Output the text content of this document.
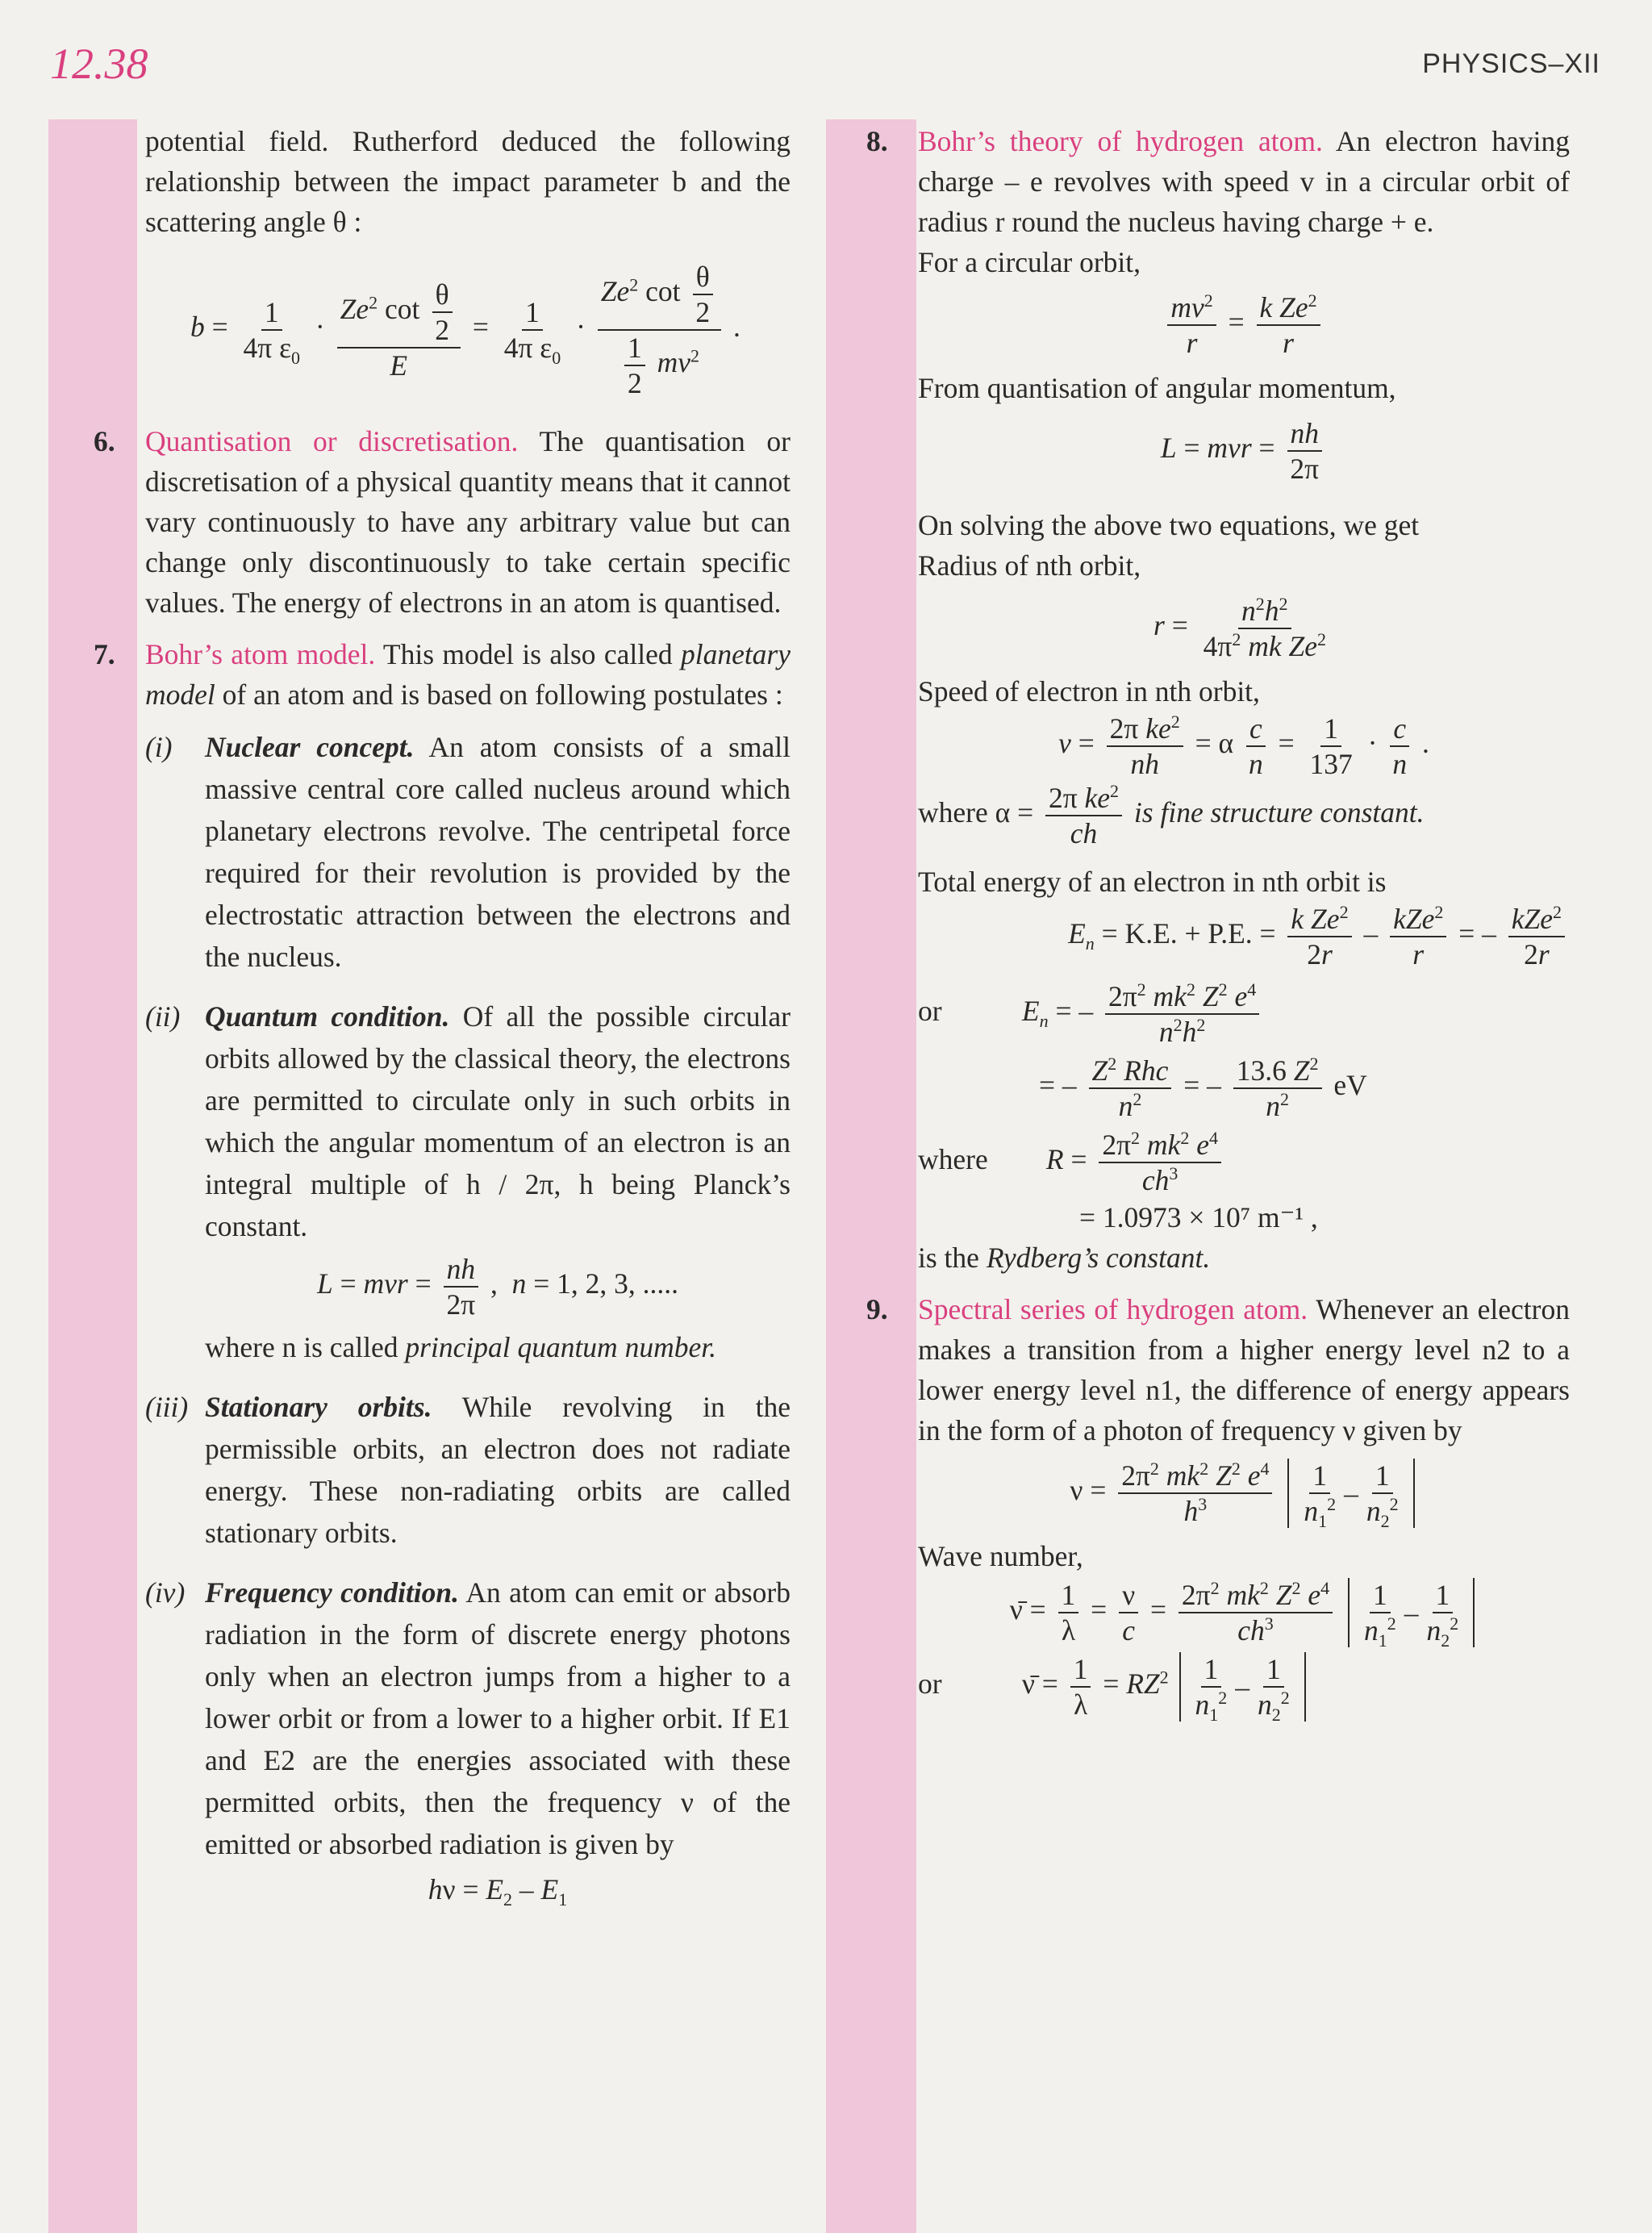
12.38	PHYSICS–XII

potential field. Rutherford deduced the following relationship between the impact parameter b and the scattering angle θ :

$b = \frac{1}{4\pi \varepsilon_0} \cdot \frac{Ze^2 \cot \frac{\theta}{2}}{E} = \frac{1}{4\pi \varepsilon_0} \cdot \frac{Ze^2 \cot \frac{\theta}{2}}{\frac{1}{2} mv^2}$ .
6. Quantisation or discretisation. The quantisation or discretisation of a physical quantity means that it cannot vary continuously to have any arbitrary value but can change only discontinuously to take certain specific values. The energy of electrons in an atom is quantised.

7. Bohr’s atom model. This model is also called planetary model of an atom and is based on following postulates :

(i) Nuclear concept. An atom consists of a small massive central core called nucleus around which planetary electrons revolve. The centripetal force required for their revolution is provided by the electrostatic attraction between the electrons and the nucleus.

(ii) Quantum condition. Of all the possible circular orbits allowed by the classical theory, the electrons are permitted to circulate only in such orbits in which the angular momentum of an electron is an integral multiple of h / 2π, h being Planck’s constant.

L = mvr = $\frac{nh}{2\pi}$ ,  n = 1, 2, 3, .....

where n is called principal quantum number.

(iii) Stationary orbits. While revolving in the permissible orbits, an electron does not radiate energy. These non-radiating orbits are called stationary orbits.

(iv) Frequency condition. An atom can emit or absorb radiation in the form of discrete energy photons only when an electron jumps from a higher to a lower orbit or from a lower to a higher orbit. If E1 and E2 are the energies associated with these permitted orbits, then the frequency ν of the emitted or absorbed radiation is given by

$h\nu = E_2 - E_1$
8. Bohr’s theory of hydrogen atom. An electron having charge – e revolves with speed v in a circular orbit of radius r round the nucleus having charge + e.

For a circular orbit,

$\frac{mv^2}{r} = \frac{k Ze^2}{r}$

From quantisation of angular momentum,

L = mvr = $\frac{nh}{2\pi}$

On solving the above two equations, we get

Radius of nth orbit,

$r = \frac{n^2h^2}{4\pi^2 mk Ze^2}$

Speed of electron in nth orbit,

$v = \frac{2\pi ke^2}{nh} = \alpha \frac{c}{n} = \frac{1}{137} \cdot \frac{c}{n}$ .
where $\alpha = \frac{2\pi ke^2}{ch}$ is fine structure constant.

Total energy of an electron in nth orbit is

$E_n = K.E$. + P.E. = $\frac{k Ze^2}{2r} - \frac{kZe^2}{r}$ = – $\frac{kZe^2}{2r}$
or	$E_n$ = – $\frac{2\pi^2 mk^2 Z^2 e^4}{n^2h^2}$
= – $\frac{Z^2 Rhc}{n^2}$ = – $\frac{13.6 Z^2}{n^2}$ eV
where $R = \frac{2\pi^2 mk^2 e^4}{ch^3}$
= 1.0973 × 10⁷ m⁻¹ ,

is the Rydberg’s constant.

9. Spectral series of hydrogen atom. Whenever an electron makes a transition from a higher energy level n2 to a lower energy level n1, the difference of energy appears in the form of a photon of frequency ν given by

$\nu = \frac{2\pi^2 mk^2 Z^2 e^4}{h^3}$
$\frac{1}{n_1^2} - \frac{1}{n_2^2}$

Wave number,

ν̄ = $\frac{1}{\lambda} = \frac{\nu}{c} = \frac{2\pi^2 mk^2 Z^2 e^4}{ch^3}$
$\frac{1}{n_1^2} - \frac{1}{n_2^2}$
or	ν̄ = $\frac{1}{\lambda} = RZ^2 \frac{1}{n_1^2} - \frac{1}{n_2^2}$
